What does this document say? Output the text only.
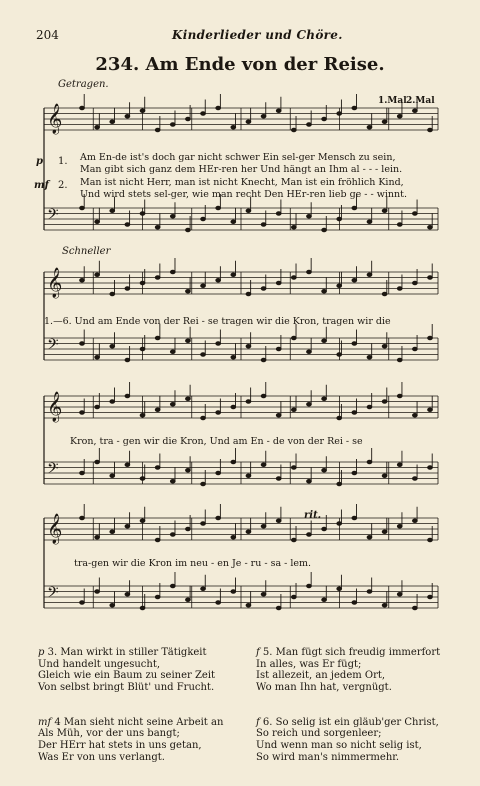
204	Kinderlieder und Chöre.
234. Am Ende von der Reise.
𝄞
𝄢
𝄞
𝄢
𝄞
𝄢
𝄞
𝄢
Getragen.
Schneller
rit.
1.Mal 2.Mal
p 1.
mf 2.
Am En-de ist's doch gar nicht schwer Ein sel-ger Mensch zu sein,
Man gibt sich ganz dem HEr-ren her Und hängt an Ihm al - - - lein.
Man ist nicht Herr, man ist nicht Knecht, Man ist ein fröhlich Kind,
Und wird stets sel-ger, wie man recht Den HEr-ren lieb ge - - winnt.
1.—6. Und am Ende von der Rei - se tragen wir die Kron, tragen wir die
Kron, tra - gen wir die Kron, Und am En - de von der Rei - se
tra-gen wir die Kron im neu - en Je - ru - sa - lem.

p 3. Man wirkt in stiller Tätigkeit
Und handelt ungesucht,
Gleich wie ein Baum zu seiner Zeit
Von selbst bringt Blüt' und Frucht.

mf 4 Man sieht nicht seine Arbeit an
Als Müh, vor der uns bangt;
Der HErr hat stets in uns getan,
Was Er von uns verlangt.

f 5. Man fügt sich freudig immerfort
In alles, was Er fügt;
Ist allezeit, an jedem Ort,
Wo man Ihn hat, vergnügt.

f 6. So selig ist ein gläub'ger Christ,
So reich und sorgenleer;
Und wenn man so nicht selig ist,
So wird man's nimmermehr.
